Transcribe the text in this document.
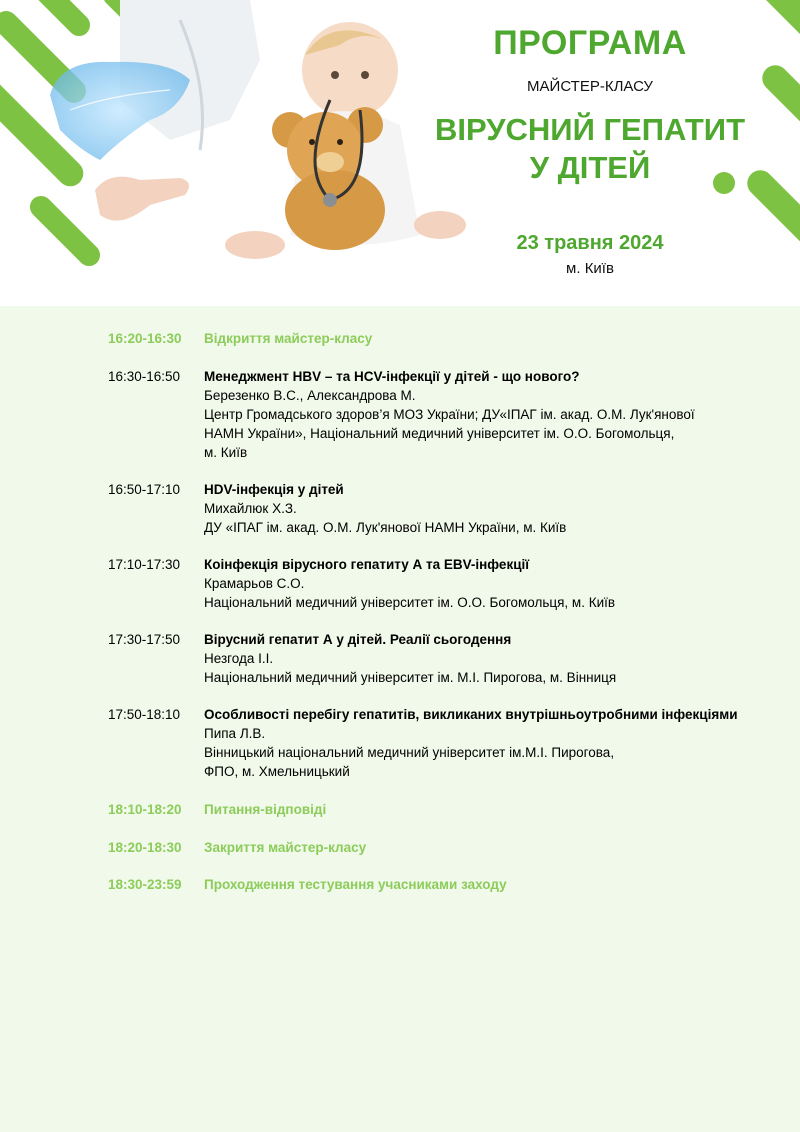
ПРОГРАМА
МАЙСТЕР-КЛАСУ
ВІРУСНИЙ ГЕПАТИТ
У ДІТЕЙ
23 травня 2024
м. Київ
16:20-16:30	Відкриття майстер-класу
16:30-16:50	Менеджмент HBV – та HCV-інфекції у дітей - що нового?
Березенко В.С., Александрова М.
Центр Громадського здоров’я МОЗ України; ДУ«ІПАГ ім. акад. О.М. Лук'янової
НАМН України», Національний медичний університет ім. О.О. Богомольця,
м. Київ
16:50-17:10	HDV-інфекція у дітей
Михайлюк Х.З.
ДУ «ІПАГ ім. акад. О.М. Лук'янової НАМН України, м. Київ
17:10-17:30	Коінфекція вірусного гепатиту А та EBV-інфекції
Крамарьов С.О.
Національний медичний університет ім. О.О. Богомольця, м. Київ
17:30-17:50	Вірусний гепатит А у дітей. Реалії сьогодення
Незгода І.І.
Національний медичний університет ім. М.І. Пирогова, м. Вінниця
17:50-18:10	Особливості перебігу гепатитів, викликаних внутрішньоутробними інфекціями
Пипа Л.В.
Вінницький національний медичний університет ім.М.І. Пирогова,
ФПО, м. Хмельницький
18:10-18:20	Питання-відповіді
18:20-18:30	Закриття майстер-класу
18:30-23:59	Проходження тестування учасниками заходу
